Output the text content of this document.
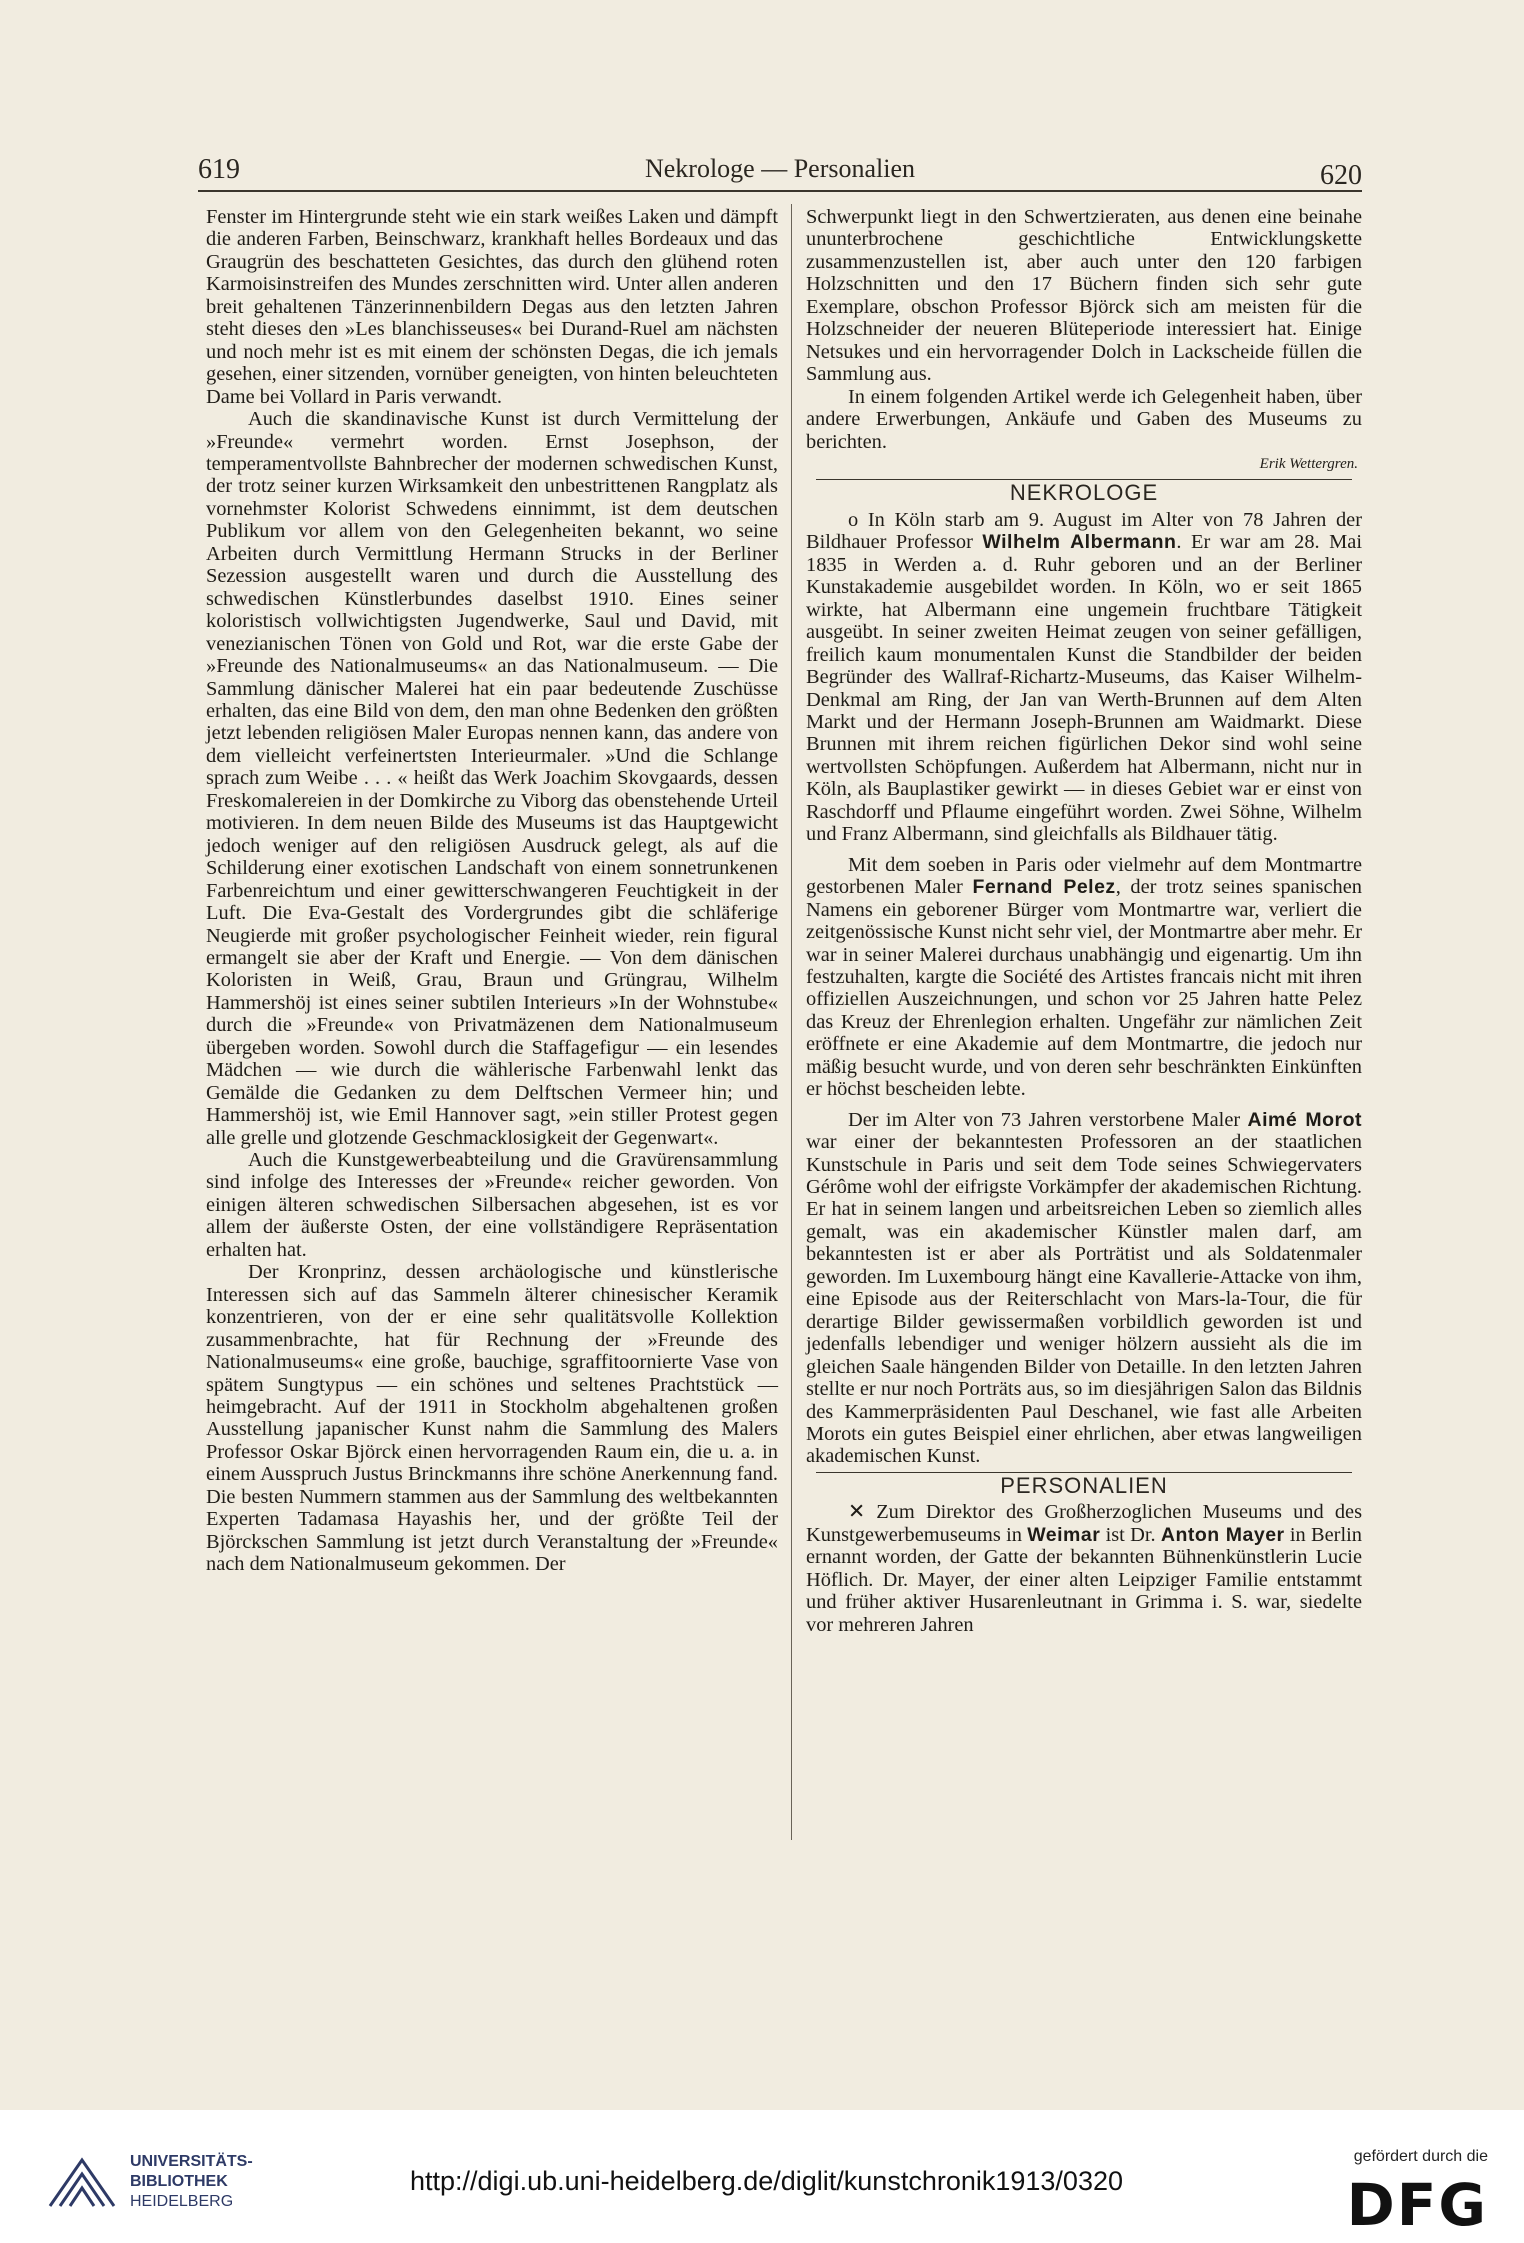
619	Nekrologe — Personalien	620

Fenster im Hintergrunde steht wie ein stark weißes Laken und dämpft die anderen Farben, Beinschwarz, krankhaft helles Bordeaux und das Graugrün des beschatteten Gesichtes, das durch den glühend roten Karmoisinstreifen des Mundes zerschnitten wird. Unter allen anderen breit gehaltenen Tänzerinnenbildern Degas aus den letzten Jahren steht dieses den »Les blanchisseuses« bei Durand-Ruel am nächsten und noch mehr ist es mit einem der schönsten Degas, die ich jemals gesehen, einer sitzenden, vornüber geneigten, von hinten beleuchteten Dame bei Vollard in Paris verwandt.

Auch die skandinavische Kunst ist durch Vermittelung der »Freunde« vermehrt worden. Ernst Josephson, der temperamentvollste Bahnbrecher der modernen schwedischen Kunst, der trotz seiner kurzen Wirksamkeit den unbestrittenen Rangplatz als vornehmster Kolorist Schwedens einnimmt, ist dem deutschen Publikum vor allem von den Gelegenheiten bekannt, wo seine Arbeiten durch Vermittlung Hermann Strucks in der Berliner Sezession ausgestellt waren und durch die Ausstellung des schwedischen Künstlerbundes daselbst 1910. Eines seiner koloristisch vollwichtigsten Jugendwerke, Saul und David, mit venezianischen Tönen von Gold und Rot, war die erste Gabe der »Freunde des Nationalmuseums« an das Nationalmuseum. — Die Sammlung dänischer Malerei hat ein paar bedeutende Zuschüsse erhalten, das eine Bild von dem, den man ohne Bedenken den größten jetzt lebenden religiösen Maler Europas nennen kann, das andere von dem vielleicht verfeinertsten Interieurmaler. »Und die Schlange sprach zum Weibe . . . « heißt das Werk Joachim Skovgaards, dessen Freskomalereien in der Domkirche zu Viborg das obenstehende Urteil motivieren. In dem neuen Bilde des Museums ist das Hauptgewicht jedoch weniger auf den religiösen Ausdruck gelegt, als auf die Schilderung einer exotischen Landschaft von einem sonnetrunkenen Farbenreichtum und einer gewitterschwangeren Feuchtigkeit in der Luft. Die Eva-Gestalt des Vordergrundes gibt die schläferige Neugierde mit großer psychologischer Feinheit wieder, rein figural ermangelt sie aber der Kraft und Energie. — Von dem dänischen Koloristen in Weiß, Grau, Braun und Grüngrau, Wilhelm Hammershöj ist eines seiner subtilen Interieurs »In der Wohnstube« durch die »Freunde« von Privatmäzenen dem Nationalmuseum übergeben worden. Sowohl durch die Staffagefigur — ein lesendes Mädchen — wie durch die wählerische Farbenwahl lenkt das Gemälde die Gedanken zu dem Delftschen Vermeer hin; und Hammershöj ist, wie Emil Hannover sagt, »ein stiller Protest gegen alle grelle und glotzende Geschmacklosigkeit der Gegenwart«.

Auch die Kunstgewerbeabteilung und die Gravürensammlung sind infolge des Interesses der »Freunde« reicher geworden. Von einigen älteren schwedischen Silbersachen abgesehen, ist es vor allem der äußerste Osten, der eine vollständigere Repräsentation erhalten hat.

Der Kronprinz, dessen archäologische und künstlerische Interessen sich auf das Sammeln älterer chinesischer Keramik konzentrieren, von der er eine sehr qualitätsvolle Kollektion zusammenbrachte, hat für Rechnung der »Freunde des Nationalmuseums« eine große, bauchige, sgraffitoornierte Vase von spätem Sungtypus — ein schönes und seltenes Prachtstück — heimgebracht. Auf der 1911 in Stockholm abgehaltenen großen Ausstellung japanischer Kunst nahm die Sammlung des Malers Professor Oskar Björck einen hervorragenden Raum ein, die u. a. in einem Ausspruch Justus Brinckmanns ihre schöne Anerkennung fand. Die besten Nummern stammen aus der Sammlung des weltbekannten Experten Tadamasa Hayashis her, und der größte Teil der Björckschen Sammlung ist jetzt durch Veranstaltung der »Freunde« nach dem Nationalmuseum gekommen. Der

Schwerpunkt liegt in den Schwertzieraten, aus denen eine beinahe ununterbrochene geschichtliche Entwicklungskette zusammenzustellen ist, aber auch unter den 120 farbigen Holzschnitten und den 17 Büchern finden sich sehr gute Exemplare, obschon Professor Björck sich am meisten für die Holzschneider der neueren Blüteperiode interessiert hat. Einige Netsukes und ein hervorragender Dolch in Lackscheide füllen die Sammlung aus.

In einem folgenden Artikel werde ich Gelegenheit haben, über andere Erwerbungen, Ankäufe und Gaben des Museums zu berichten.

Erik Wettergren.
NEKROLOGE

o In Köln starb am 9. August im Alter von 78 Jahren der Bildhauer Professor Wilhelm Albermann. Er war am 28. Mai 1835 in Werden a. d. Ruhr geboren und an der Berliner Kunstakademie ausgebildet worden. In Köln, wo er seit 1865 wirkte, hat Albermann eine ungemein fruchtbare Tätigkeit ausgeübt. In seiner zweiten Heimat zeugen von seiner gefälligen, freilich kaum monumentalen Kunst die Standbilder der beiden Begründer des Wallraf-Richartz-Museums, das Kaiser Wilhelm-Denkmal am Ring, der Jan van Werth-Brunnen auf dem Alten Markt und der Hermann Joseph-Brunnen am Waidmarkt. Diese Brunnen mit ihrem reichen figürlichen Dekor sind wohl seine wertvollsten Schöpfungen. Außerdem hat Albermann, nicht nur in Köln, als Bauplastiker gewirkt — in dieses Gebiet war er einst von Raschdorff und Pflaume eingeführt worden. Zwei Söhne, Wilhelm und Franz Albermann, sind gleichfalls als Bildhauer tätig.

Mit dem soeben in Paris oder vielmehr auf dem Montmartre gestorbenen Maler Fernand Pelez, der trotz seines spanischen Namens ein geborener Bürger vom Montmartre war, verliert die zeitgenössische Kunst nicht sehr viel, der Montmartre aber mehr. Er war in seiner Malerei durchaus unabhängig und eigenartig. Um ihn festzuhalten, kargte die Société des Artistes francais nicht mit ihren offiziellen Auszeichnungen, und schon vor 25 Jahren hatte Pelez das Kreuz der Ehrenlegion erhalten. Ungefähr zur nämlichen Zeit eröffnete er eine Akademie auf dem Montmartre, die jedoch nur mäßig besucht wurde, und von deren sehr beschränkten Einkünften er höchst bescheiden lebte.

Der im Alter von 73 Jahren verstorbene Maler Aimé Morot war einer der bekanntesten Professoren an der staatlichen Kunstschule in Paris und seit dem Tode seines Schwiegervaters Gérôme wohl der eifrigste Vorkämpfer der akademischen Richtung. Er hat in seinem langen und arbeitsreichen Leben so ziemlich alles gemalt, was ein akademischer Künstler malen darf, am bekanntesten ist er aber als Porträtist und als Soldatenmaler geworden. Im Luxembourg hängt eine Kavallerie-Attacke von ihm, eine Episode aus der Reiterschlacht von Mars-la-Tour, die für derartige Bilder gewissermaßen vorbildlich geworden ist und jedenfalls lebendiger und weniger hölzern aussieht als die im gleichen Saale hängenden Bilder von Detaille. In den letzten Jahren stellte er nur noch Porträts aus, so im diesjährigen Salon das Bildnis des Kammerpräsidenten Paul Deschanel, wie fast alle Arbeiten Morots ein gutes Beispiel einer ehrlichen, aber etwas langweiligen akademischen Kunst.

PERSONALIEN

✕ Zum Direktor des Großherzoglichen Museums und des Kunstgewerbemuseums in Weimar ist Dr. Anton Mayer in Berlin ernannt worden, der Gatte der bekannten Bühnenkünstlerin Lucie Höflich. Dr. Mayer, der einer alten Leipziger Familie entstammt und früher aktiver Husarenleutnant in Grimma i. S. war, siedelte vor mehreren Jahren

UNIVERSITÄTS-
BIBLIOTHEK
HEIDELBERG
http://digi.ub.uni-heidelberg.de/diglit/kunstchronik1913/0320
gefördert durch die
DFG
